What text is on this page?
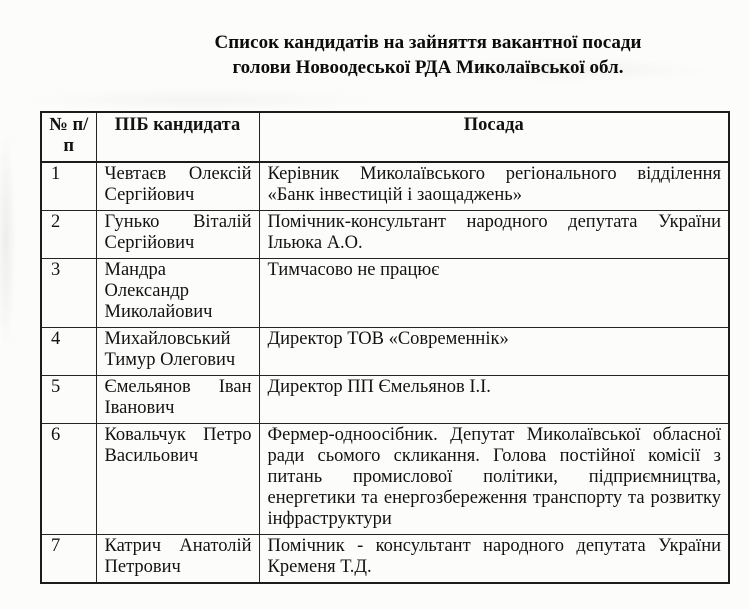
Список кандидатів на зайняття вакантної посади
голови Новоодеської РДА Миколаївської обл.
№ п/п	ПІБ кандидата	Посада
1	Чевтаєв Олексій Сергійович	Керівник Миколаївського регіонального відділення «Банк інвестицій і заощаджень»
2	Гунько Віталій Сергійович	Помічник-консультант народного депутата України Ільюка А.О.
3	Мандра Олександр Миколайович	Тимчасово не працює
4	Михайловський Тимур Олегович	Директор ТОВ «Современнік»
5	Ємельянов Іван Іванович	Директор ПП Ємельянов І.І.
6	Ковальчук Петро Васильович	Фермер-одноосібник. Депутат Миколаївської обласної ради сьомого скликання. Голова постійної комісії з питань промислової політики, підприємництва, енергетики та енергозбереження транспорту та розвитку інфраструктури
7	Катрич Анатолій Петрович	Помічник - консультант народного депутата України Кременя Т.Д.
